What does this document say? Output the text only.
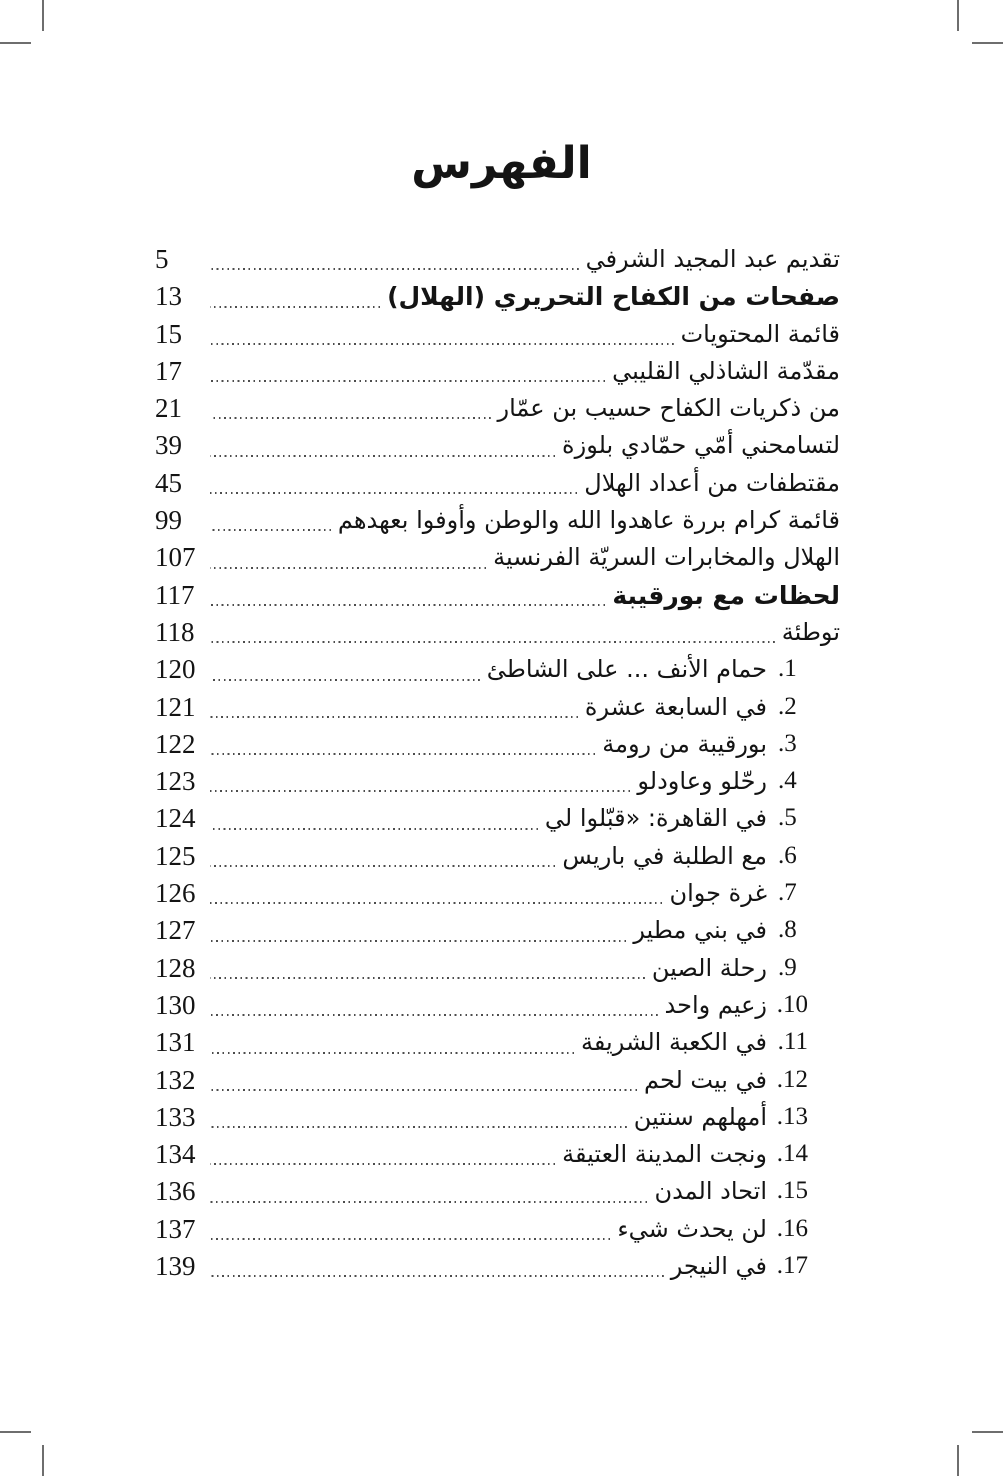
الفهرس
تقديم عبد المجيد الشرفي
5
صفحات من الكفاح التحريري (الهلال)
13
قائمة المحتويات
15
مقدّمة الشاذلي القليبي
17
من ذكريات الكفاح حسيب بن عمّار
21
لتسامحني أمّي حمّادي بلوزة
39
مقتطفات من أعداد الهلال
45
قائمة كرام بررة عاهدوا الله والوطن وأوفوا بعهدهم
99
الهلال والمخابرات السريّة الفرنسية
107
لحظات مع بورقيبة
117
توطئة
118
1.
حمام الأنف ... على الشاطئ
120
2.
في السابعة عشرة
121
3.
بورقيبة من رومة
122
4.
رحّلو وعاودلو
123
5.
في القاهرة: «قبّلوا لي
124
6.
مع الطلبة في باريس
125
7.
غرة جوان
126
8.
في بني مطير
127
9.
رحلة الصين
128
10.
زعيم واحد
130
11.
في الكعبة الشريفة
131
12.
في بيت لحم
132
13.
أمهلهم سنتين
133
14.
ونجت المدينة العتيقة
134
15.
اتحاد المدن
136
16.
لن يحدث شيء
137
17.
في النيجر
139
